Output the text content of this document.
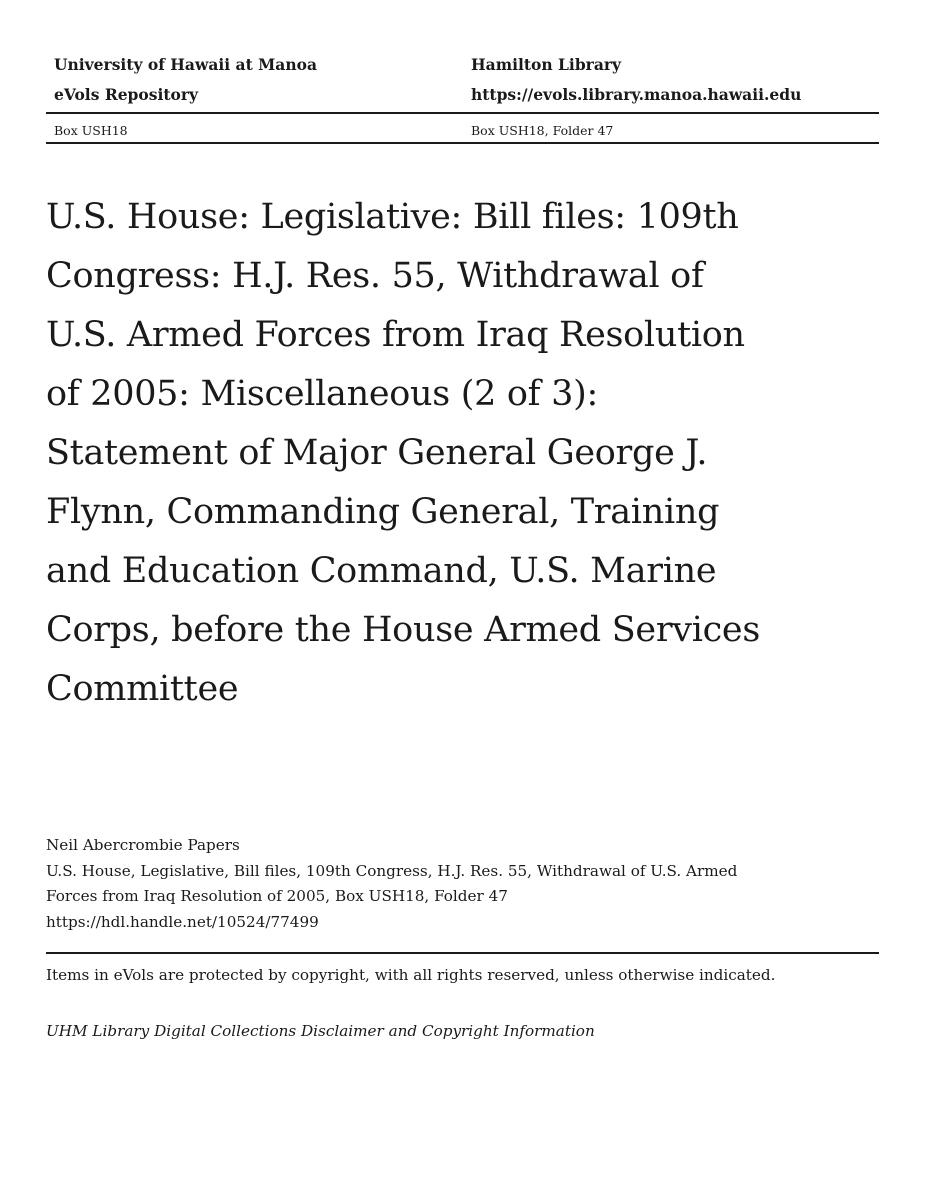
University of Hawaii at Manoa	Hamilton Library
eVols Repository	https://evols.library.manoa.hawaii.edu
Box USH18	Box USH18, Folder 47
U.S. House: Legislative: Bill files: 109th Congress: H.J. Res. 55, Withdrawal of U.S. Armed Forces from Iraq Resolution of 2005: Miscellaneous (2 of 3): Statement of Major General George J. Flynn, Commanding General, Training and Education Command, U.S. Marine Corps, before the House Armed Services Committee
Neil Abercrombie Papers
U.S. House, Legislative, Bill files, 109th Congress, H.J. Res. 55, Withdrawal of U.S. Armed
Forces from Iraq Resolution of 2005, Box USH18, Folder 47
https://hdl.handle.net/10524/77499
Items in eVols are protected by copyright, with all rights reserved, unless otherwise indicated.
UHM Library Digital Collections Disclaimer and Copyright Information
